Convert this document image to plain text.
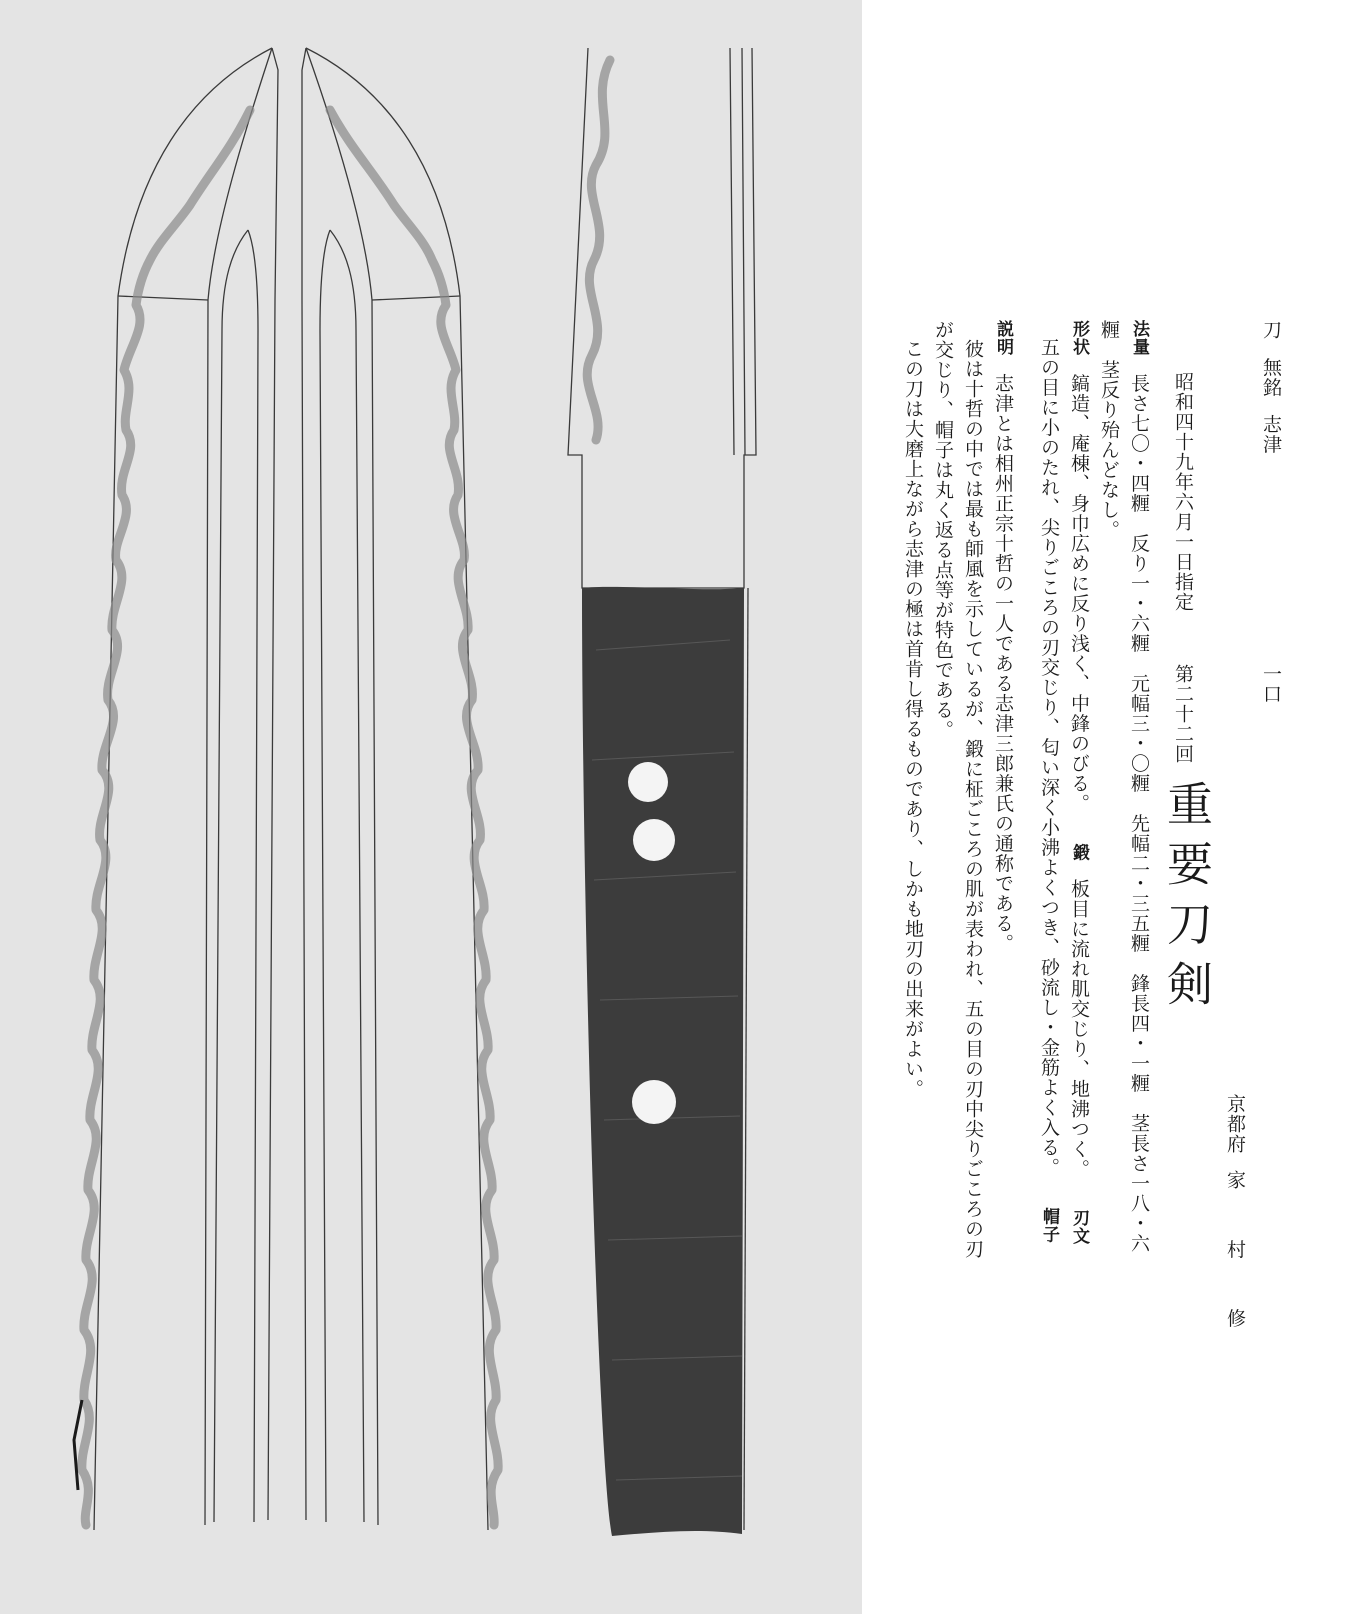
昭和四十九年六月一日指定
第二十二回
重要刀剣
京都府
家 村 修
刀無銘志津
一口

法量長さ七〇・四糎　反り一・六糎　元幅三・〇糎　先幅二・三五糎　鋒長四・一糎　茎長さ一八・六糎　茎反り殆んどなし。

形状鎬造、庵棟、身巾広めに反り浅く、中鋒のびる。鍛板目に流れ肌交じり、地沸つく。刃文五の目に小のたれ、尖りごころの刃交じり、匂い深く小沸よくつき、砂流し・金筋よく入る。帽子

説明志津とは相州正宗十哲の一人である志津三郎兼氏の通称である。

彼は十哲の中では最も師風を示しているが、鍛に柾ごころの肌が表われ、五の目の刃中尖りごころの刃が交じり、帽子は丸く返る点等が特色である。

この刀は大磨上ながら志津の極は首肯し得るものであり、しかも地刃の出来がよい。
